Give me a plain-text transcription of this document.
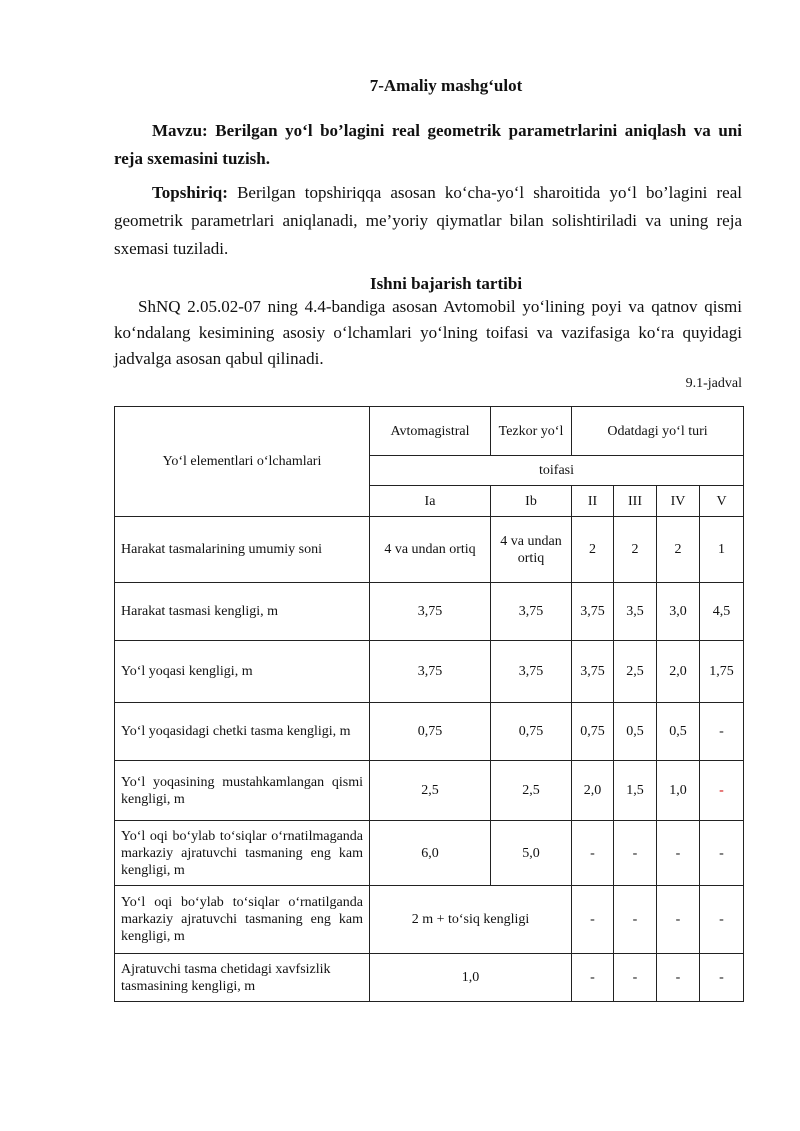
7-Amaliy mashg‘ulot

Mavzu: Berilgan yo‘l bo’lagini real geometrik parametrlarini aniqlash va uni reja sxemasini tuzish.

Topshiriq: Berilgan topshiriqqa asosan ko‘cha-yo‘l sharoitida yo‘l bo’lagini real geometrik parametrlari aniqlanadi, me’yoriy qiymatlar bilan solishtiriladi va uning reja sxemasi tuziladi.

Ishni bajarish tartibi

ShNQ 2.05.02-07 ning 4.4-bandiga asosan Avtomobil yo‘lining poyi va qatnov qismi ko‘ndalang kesimining asosiy o‘lchamlari yo‘lning toifasi va vazifasiga ko‘ra quyidagi jadvalga asosan qabul qilinadi.

9.1-jadval
Yo‘l elementlari o‘lchamlari	Avtomagistral	Tezkor yo‘l	Odatdagi yo‘l turi			
	toifasi					
	Ia	Ib	II	III	IV	V
Harakat tasmalarining umumiy soni	4 va undan ortiq	4 va undan ortiq	2	2	2	1
Harakat tasmasi kengligi, m	3,75	3,75	3,75	3,5	3,0	4,5
Yo‘l yoqasi kengligi, m	3,75	3,75	3,75	2,5	2,0	1,75
Yo‘l yoqasidagi chetki tasma kengligi, m	0,75	0,75	0,75	0,5	0,5	-
Yo‘l yoqasining mustahkamlangan qismi kengligi, m	2,5	2,5	2,0	1,5	1,0	-
Yo‘l oqi bo‘ylab to‘siqlar o‘rnatilmaganda markaziy ajratuvchi tasmaning eng kam kengligi, m	6,0	5,0	-	-	-	-
Yo‘l oqi bo‘ylab to‘siqlar o‘rnatilganda markaziy ajratuvchi tasmaning eng kam kengligi, m	2 m + to‘siq kengligi		-	-	-	-
Ajratuvchi tasma chetidagi xavfsizlik tasmasining kengligi, m	1,0		-	-	-	-
